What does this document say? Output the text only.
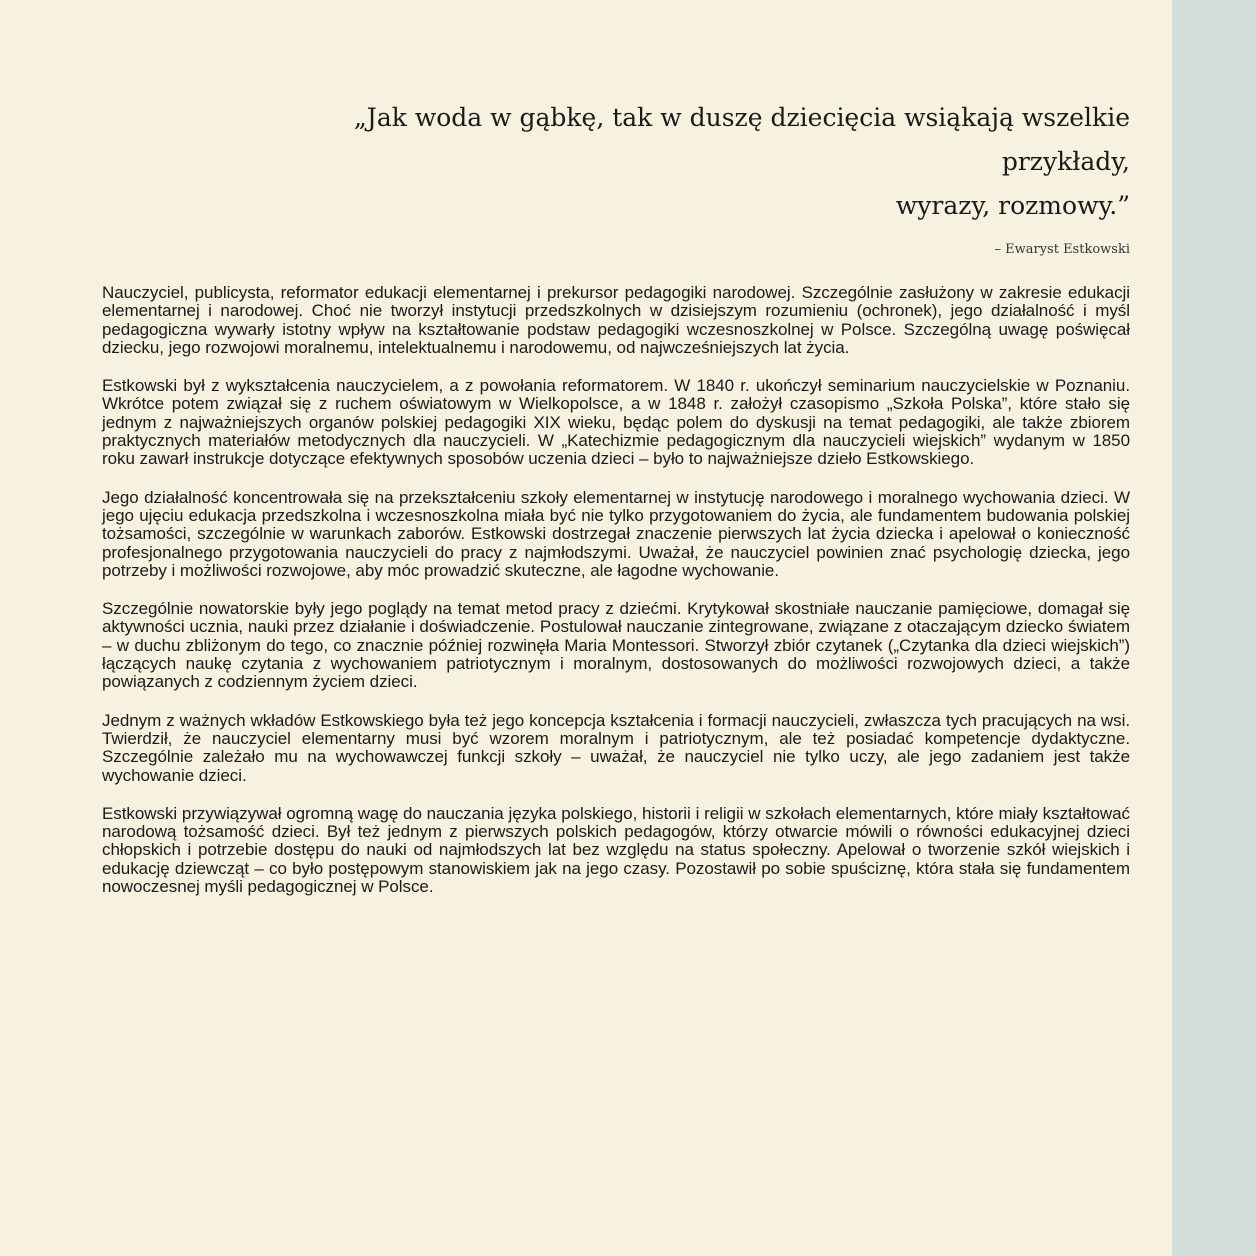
„Jak woda w gąbkę, tak w duszę dziecięcia wsiąkają wszelkie przykłady,
wyrazy, rozmowy.”

– Ewaryst Estkowski

Nauczyciel, publicysta, reformator edukacji elementarnej i prekursor pedagogiki narodowej. Szczególnie zasłużony w zakresie edukacji elementarnej i narodowej. Choć nie tworzył instytucji przedszkolnych w dzisiejszym rozumieniu (ochronek), jego działalność i myśl pedagogiczna wywarły istotny wpływ na kształtowanie podstaw pedagogiki wczesnoszkolnej w Polsce. Szczególną uwagę poświęcał dziecku, jego rozwojowi moralnemu, intelektualnemu i narodowemu, od najwcześniejszych lat życia.

Estkowski był z wykształcenia nauczycielem, a z powołania reformatorem. W 1840 r. ukończył seminarium nauczycielskie w Poznaniu. Wkrótce potem związał się z ruchem oświatowym w Wielkopolsce, a w 1848 r. założył czasopismo „Szkoła Polska”, które stało się jednym z najważniejszych organów polskiej pedagogiki XIX wieku, będąc polem do dyskusji na temat pedagogiki, ale także zbiorem praktycznych materiałów metodycznych dla nauczycieli. W „Katechizmie pedagogicznym dla nauczycieli wiejskich” wydanym w 1850 roku zawarł instrukcje dotyczące efektywnych sposobów uczenia dzieci – było to najważniejsze dzieło Estkowskiego.

Jego działalność koncentrowała się na przekształceniu szkoły elementarnej w instytucję narodowego i moralnego wychowania dzieci. W jego ujęciu edukacja przedszkolna i wczesnoszkolna miała być nie tylko przygotowaniem do życia, ale fundamentem budowania polskiej tożsamości, szczególnie w warunkach zaborów. Estkowski dostrzegał znaczenie pierwszych lat życia dziecka i apelował o konieczność profesjonalnego przygotowania nauczycieli do pracy z najmłodszymi. Uważał, że nauczyciel powinien znać psychologię dziecka, jego potrzeby i możliwości rozwojowe, aby móc prowadzić skuteczne, ale łagodne wychowanie.

Szczególnie nowatorskie były jego poglądy na temat metod pracy z dziećmi. Krytykował skostniałe nauczanie pamięciowe, domagał się aktywności ucznia, nauki przez działanie i doświadczenie. Postulował nauczanie zintegrowane, związane z otaczającym dziecko światem – w duchu zbliżonym do tego, co znacznie później rozwinęła Maria Montessori. Stworzył zbiór czytanek („Czytanka dla dzieci wiejskich”) łączących naukę czytania z wychowaniem patriotycznym i moralnym, dostosowanych do możliwości rozwojowych dzieci, a także powiązanych z codziennym życiem dzieci.

Jednym z ważnych wkładów Estkowskiego była też jego koncepcja kształcenia i formacji nauczycieli, zwłaszcza tych pracujących na wsi. Twierdził, że nauczyciel elementarny musi być wzorem moralnym i patriotycznym, ale też posiadać kompetencje dydaktyczne. Szczególnie zależało mu na wychowawczej funkcji szkoły – uważał, że nauczyciel nie tylko uczy, ale jego zadaniem jest także wychowanie dzieci.

Estkowski przywiązywał ogromną wagę do nauczania języka polskiego, historii i religii w szkołach elementarnych, które miały kształtować narodową tożsamość dzieci. Był też jednym z pierwszych polskich pedagogów, którzy otwarcie mówili o równości edukacyjnej dzieci chłopskich i potrzebie dostępu do nauki od najmłodszych lat bez względu na status społeczny. Apelował o tworzenie szkół wiejskich i edukację dziewcząt – co było postępowym stanowiskiem jak na jego czasy. Pozostawił po sobie spuściznę, która stała się fundamentem nowoczesnej myśli pedagogicznej w Polsce.
